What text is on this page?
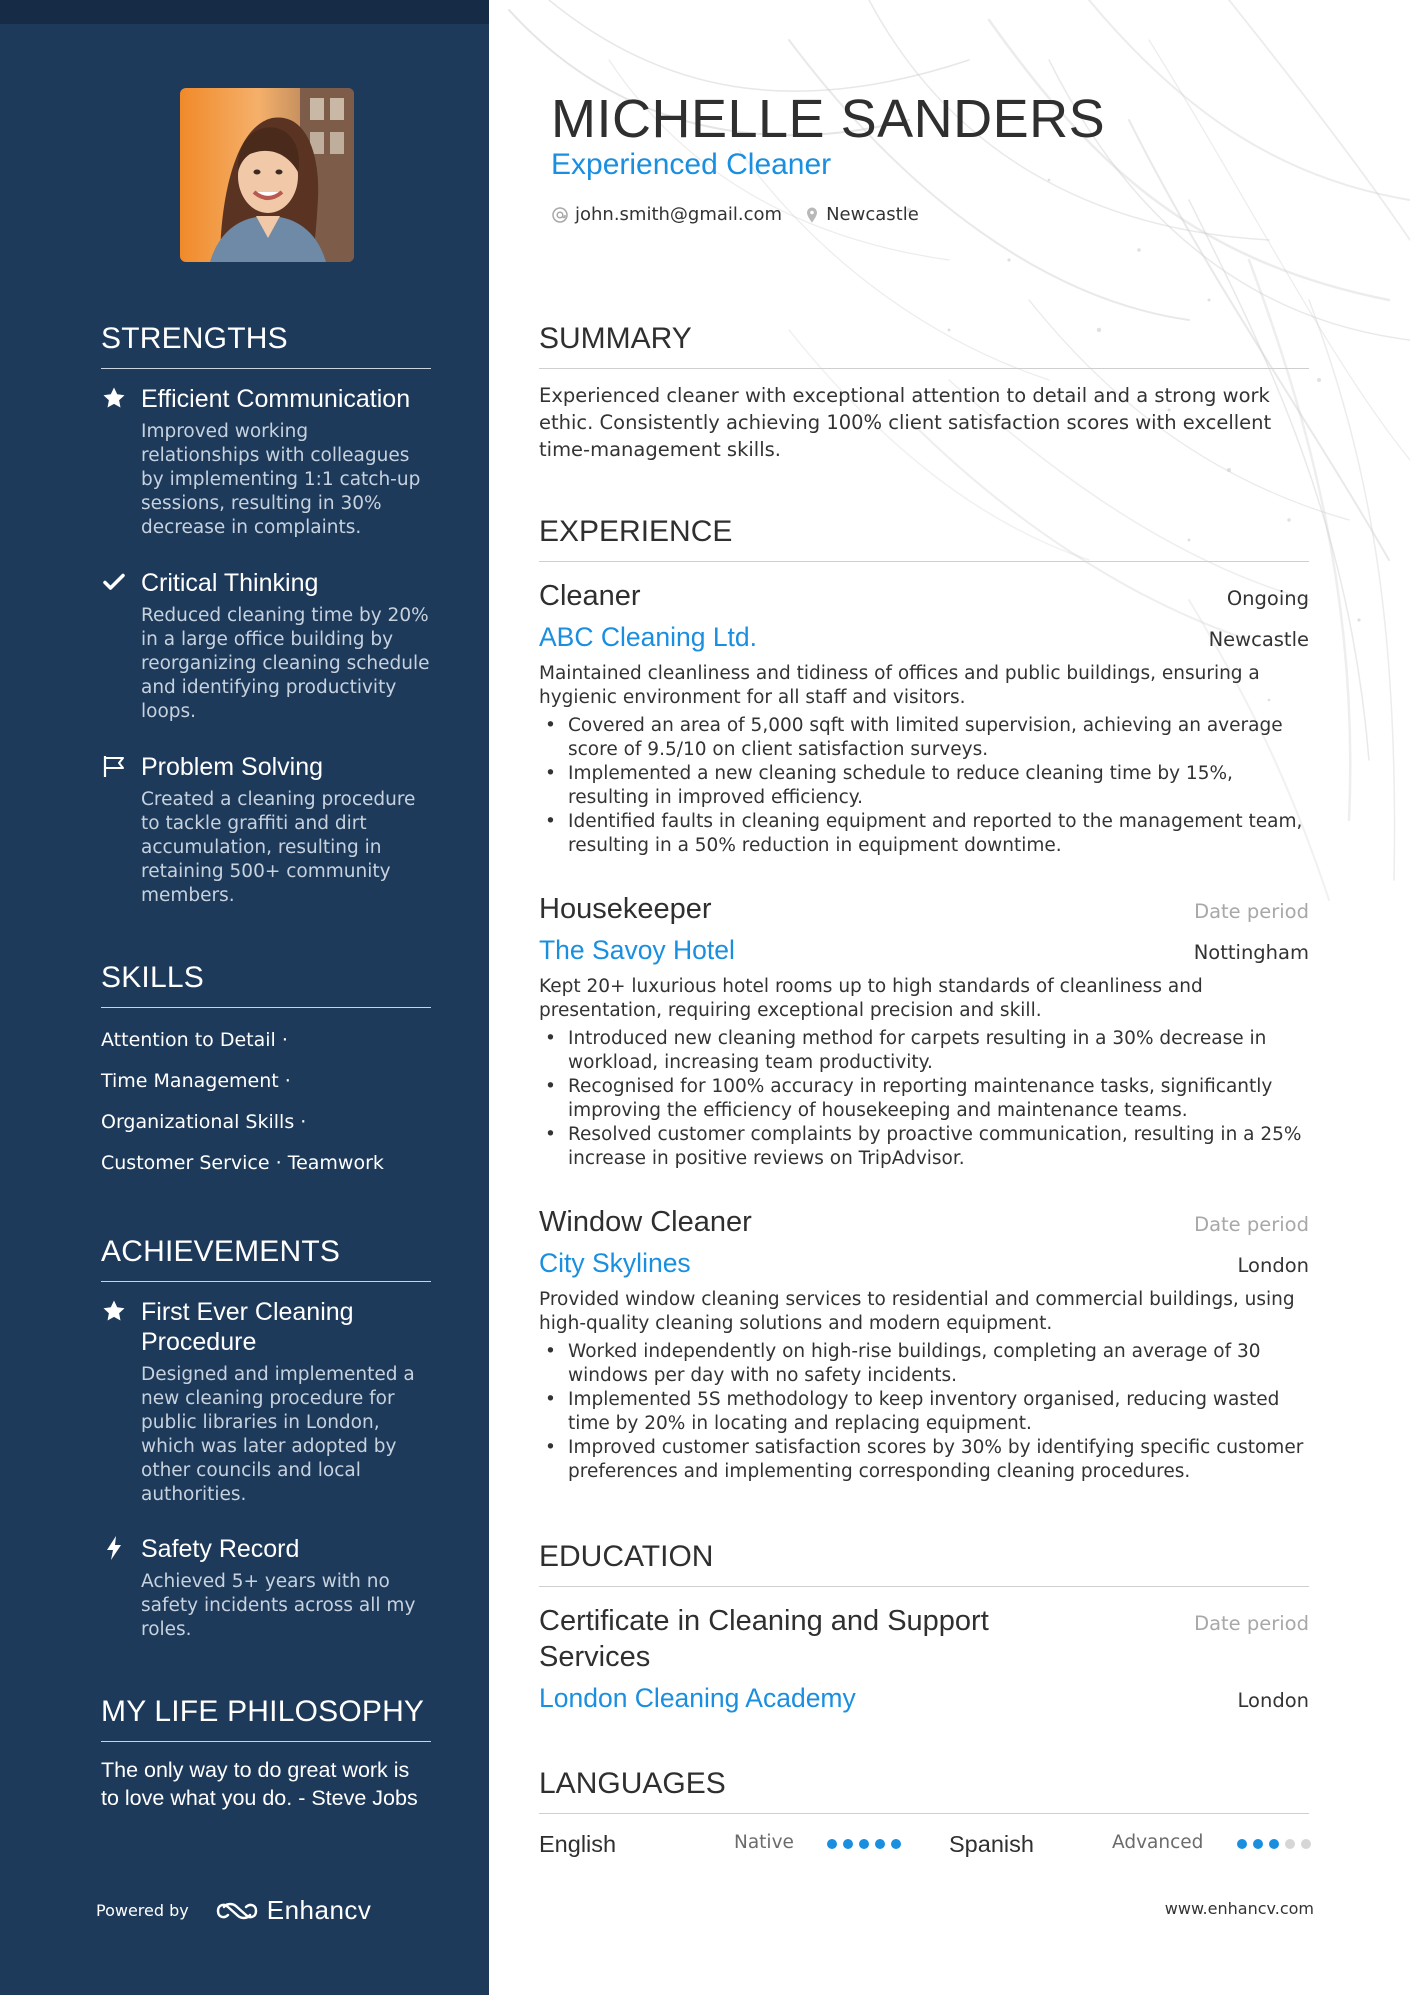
STRENGTHS
Efficient Communication
Improved working relationships with colleagues by implementing 1:1 catch-up sessions, resulting in 30% decrease in complaints.
Critical Thinking
Reduced cleaning time by 20% in a large office building by reorganizing cleaning schedule and identifying productivity loops.
Problem Solving
Created a cleaning procedure to tackle graffiti and dirt accumulation, resulting in retaining 500+ community members.
SKILLS
Attention to Detail ·
Time Management ·
Organizational Skills ·
Customer Service · Teamwork
ACHIEVEMENTS
First Ever Cleaning Procedure
Designed and implemented a new cleaning procedure for public libraries in London, which was later adopted by other councils and local authorities.
Safety Record
Achieved 5+ years with no safety incidents across all my roles.
MY LIFE PHILOSOPHY
The only way to do great work is to love what you do. - Steve Jobs
Powered by	Enhancv
MICHELLE SANDERS
Experienced Cleaner
john.smith@gmail.com Newcastle
SUMMARY
Experienced cleaner with exceptional attention to detail and a strong work ethic. Consistently achieving 100% client satisfaction scores with excellent time-management skills.
EXPERIENCE
Cleaner	Ongoing
ABC Cleaning Ltd.	Newcastle
Maintained cleanliness and tidiness of offices and public buildings, ensuring a hygienic environment for all staff and visitors.
• Covered an area of 5,000 sqft with limited supervision, achieving an average score of 9.5/10 on client satisfaction surveys.
• Implemented a new cleaning schedule to reduce cleaning time by 15%, resulting in improved efficiency.
• Identified faults in cleaning equipment and reported to the management team, resulting in a 50% reduction in equipment downtime.
Housekeeper	Date period
The Savoy Hotel	Nottingham
Kept 20+ luxurious hotel rooms up to high standards of cleanliness and presentation, requiring exceptional precision and skill.
• Introduced new cleaning method for carpets resulting in a 30% decrease in workload, increasing team productivity.
• Recognised for 100% accuracy in reporting maintenance tasks, significantly improving the efficiency of housekeeping and maintenance teams.
• Resolved customer complaints by proactive communication, resulting in a 25% increase in positive reviews on TripAdvisor.
Window Cleaner	Date period
City Skylines	London
Provided window cleaning services to residential and commercial buildings, using high-quality cleaning solutions and modern equipment.
• Worked independently on high-rise buildings, completing an average of 30 windows per day with no safety incidents.
• Implemented 5S methodology to keep inventory organised, reducing wasted time by 20% in locating and replacing equipment.
• Improved customer satisfaction scores by 30% by identifying specific customer preferences and implementing corresponding cleaning procedures.
EDUCATION
Certificate in Cleaning and Support Services
Date period
London Cleaning Academy	London
LANGUAGES
English	Native	Spanish	Advanced
www.enhancv.com
